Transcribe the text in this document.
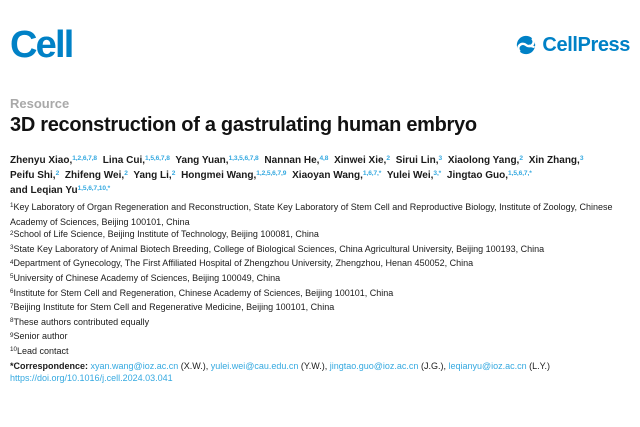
Cell	CellPress
Resource
3D reconstruction of a gastrulating human embryo
Zhenyu Xiao,$^{1,2,6,7,8}$ Lina Cui,$^{1,5,6,7,8}$ Yang Yuan,$^{1,3,5,6,7,8}$ Nannan He,$^{4,8}$ Xinwei Xie,$^2$ Sirui Lin,$^3$ Xiaolong Yang,$^2$ Xin Zhang,$^3$
Peifu Shi,$^2$ Zhifeng Wei,$^2$ Yang Li,$^2$ Hongmei Wang,$^{1,2,5,6,7,9}$ Xiaoyan Wang,$^{1,6,7,*}$ Yulei Wei,$^{3,*}$ Jingtao Guo,$^{1,5,6,7,*}$
and Leqian $Yu^{1,5,6,7,10,*}$
$^1$Key Laboratory of Organ Regeneration and Reconstruction, State Key Laboratory of Stem Cell and Reproductive Biology, Institute of Zoology, Chinese Academy of Sciences, Beijing 100101, China
$^2$School of Life Science, Beijing Institute of Technology, Beijing 100081, China
$^3$State Key Laboratory of Animal Biotech Breeding, College of Biological Sciences, China Agricultural University, Beijing 100193, China
$^4$Department of Gynecology, The First Affiliated Hospital of Zhengzhou University, Zhengzhou, Henan 450052, China
$^5$University of Chinese Academy of Sciences, Beijing 100049, China
$^6$Institute for Stem Cell and Regeneration, Chinese Academy of Sciences, Beijing 100101, China
$^7$Beijing Institute for Stem Cell and Regenerative Medicine, Beijing 100101, China
$^8$These authors contributed equally
$^9$Senior author
$^{10}$Lead contact
*Correspondence: xyan.wang@ioz.ac.cn (X.W.), yulei.wei@cau.edu.cn (Y.W.), jingtao.guo@ioz.ac.cn (J.G.), leqianyu@ioz.ac.cn (L.Y.)
https://doi.org/10.1016/j.cell.2024.03.041
